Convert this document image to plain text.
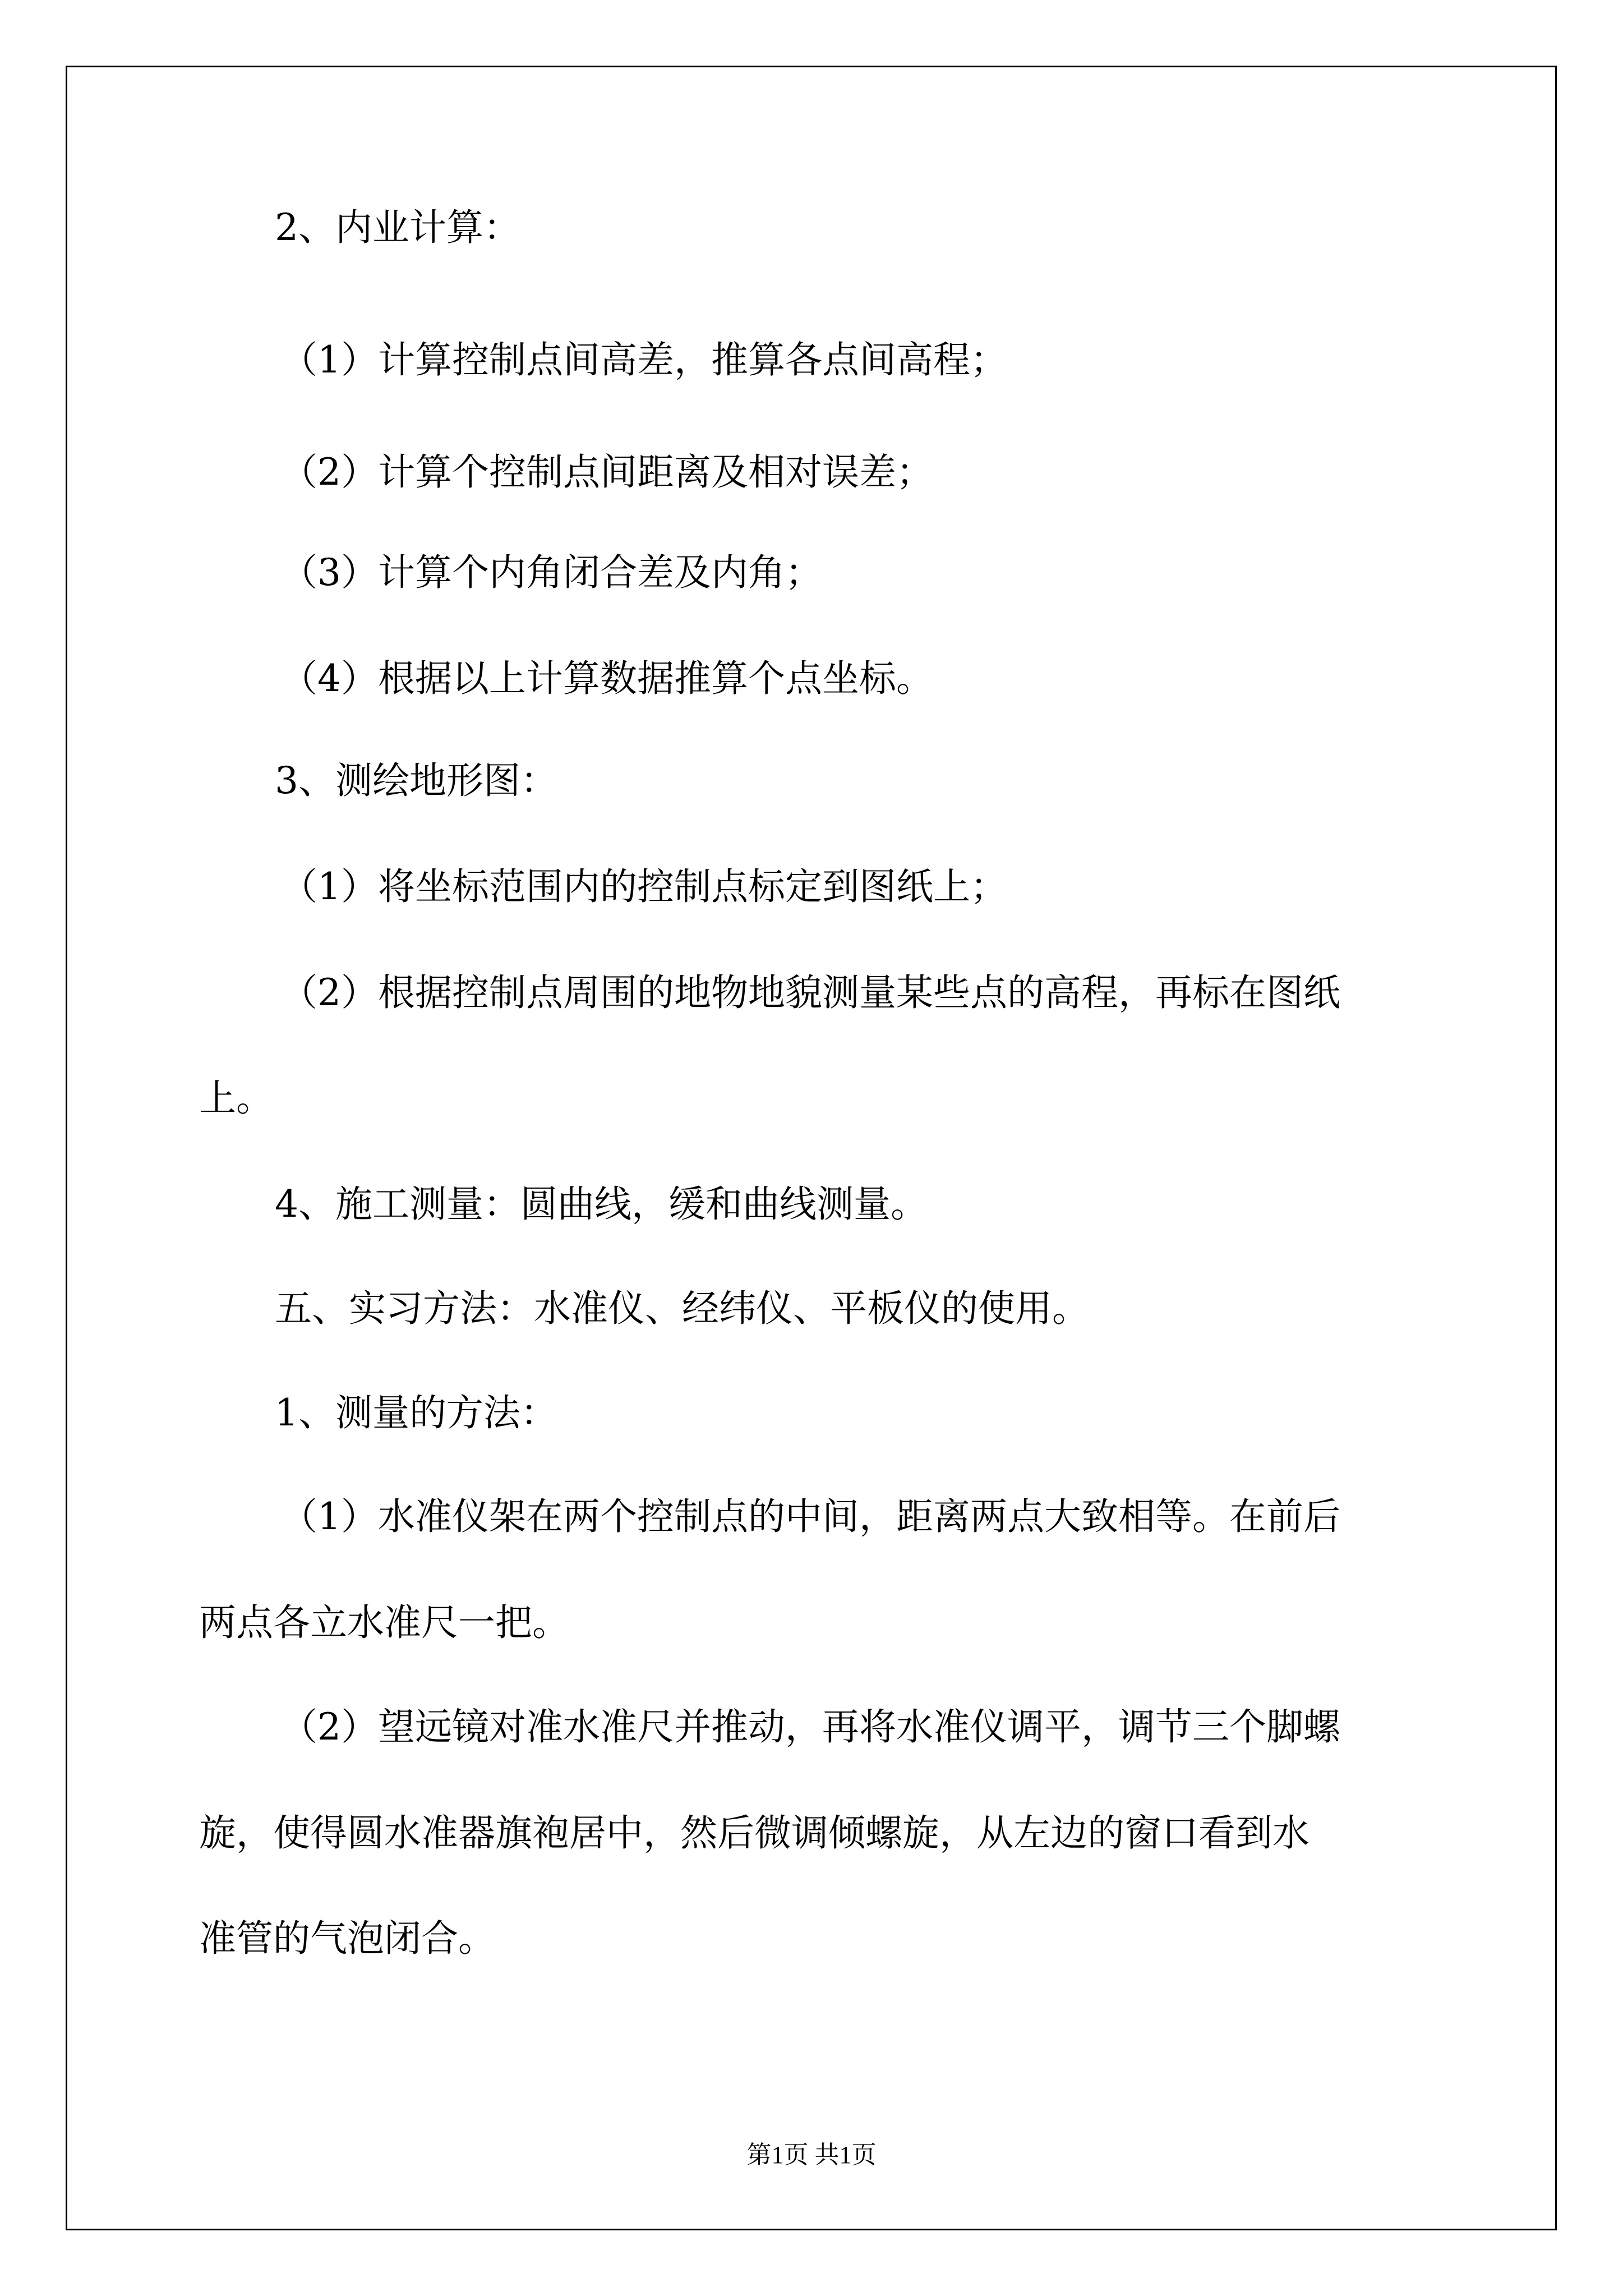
2、内业计算：

（1）计算控制点间高差，推算各点间高程；

（2）计算个控制点间距离及相对误差；

（3）计算个内角闭合差及内角；

（4）根据以上计算数据推算个点坐标。

3、测绘地形图：

（1）将坐标范围内的控制点标定到图纸上；

（2）根据控制点周围的地物地貌测量某些点的高程，再标在图纸

上。

4、施工测量：圆曲线，缓和曲线测量。

五、实习方法：水准仪、经纬仪、平板仪的使用。

1、测量的方法：

（1）水准仪架在两个控制点的中间，距离两点大致相等。在前后

两点各立水准尺一把。

（2）望远镜对准水准尺并推动，再将水准仪调平，调节三个脚螺

旋，使得圆水准器旗袍居中，然后微调倾螺旋，从左边的窗口看到水

准管的气泡闭合。

第1页 共1页
